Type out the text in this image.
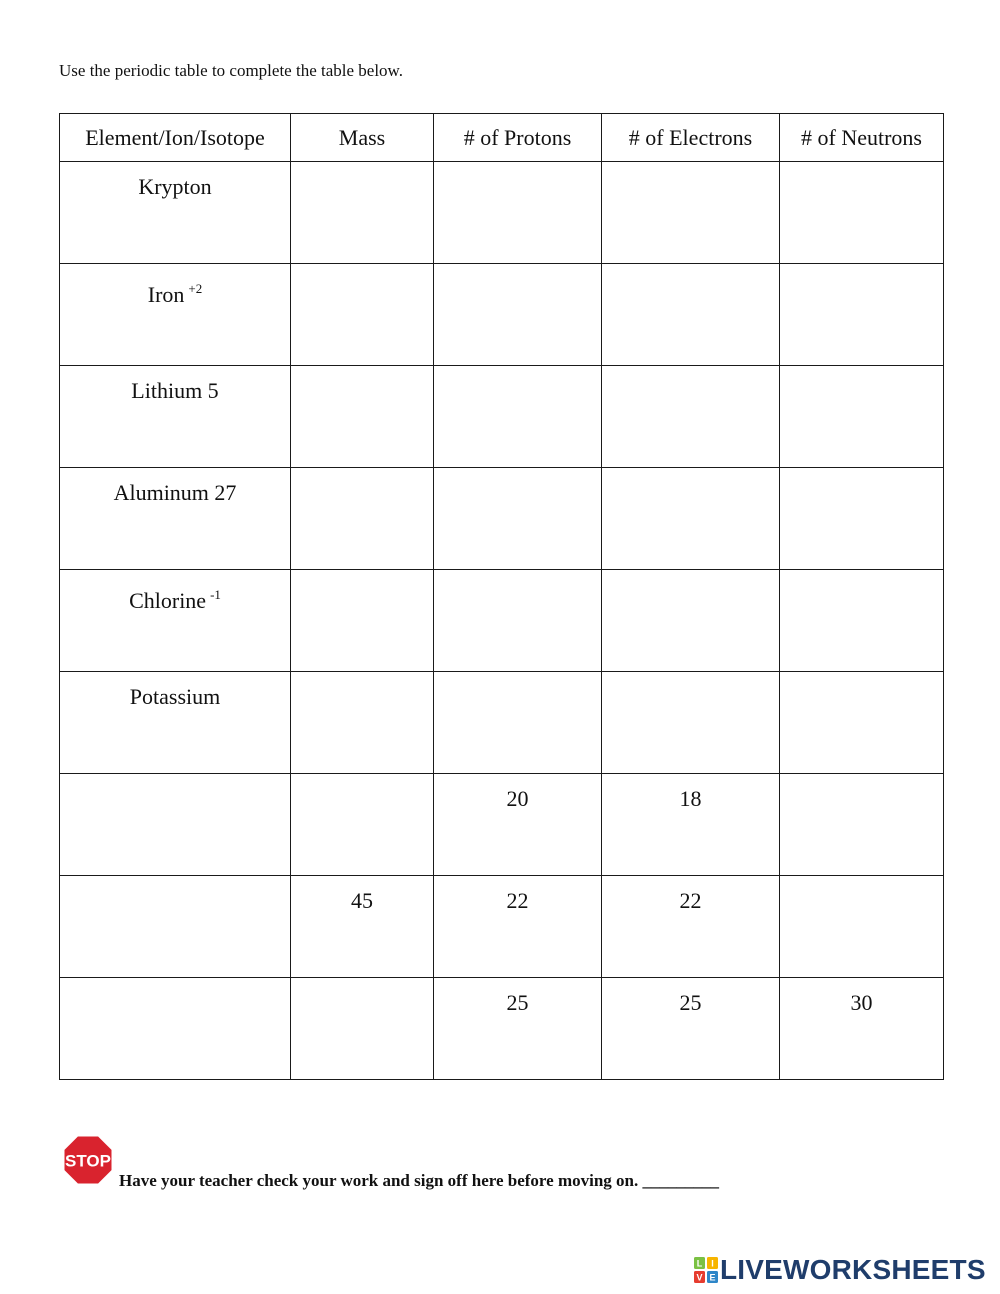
Use the periodic table to complete the table below.
Element/Ion/Isotope	Mass	# of Protons	# of Electrons	# of Neutrons

Krypton				

Iron $^{+2}$

Lithium 5				

Aluminum 27				

Chlorine $^{-1}$

Potassium				

		20	18	

	45	22	22	

		25	25	30
STOP
Have your teacher check your work and sign off here before moving on. _________
L I
V E LIVEWORKSHEETS
